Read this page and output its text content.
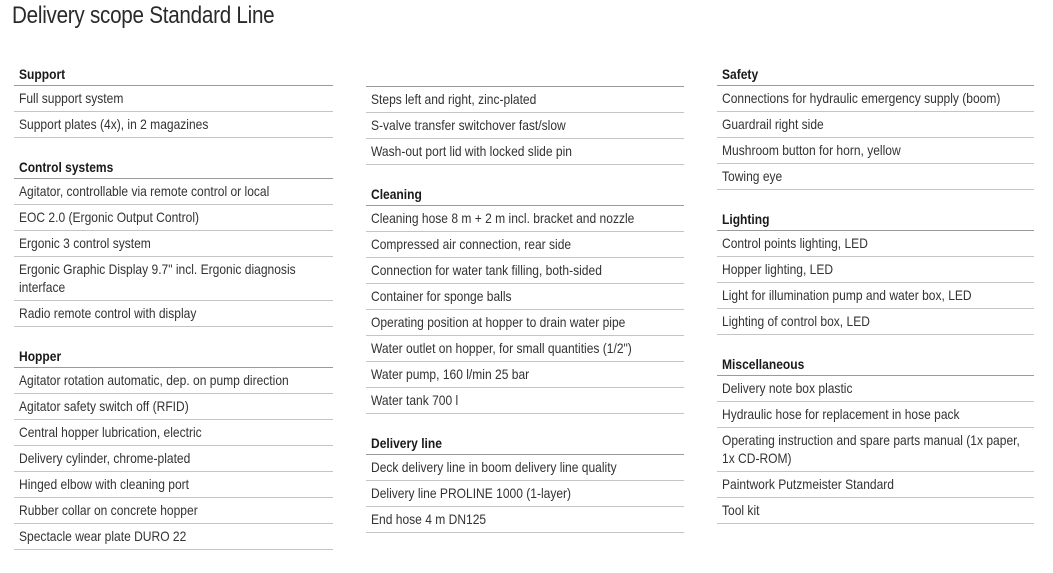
Delivery scope Standard Line
Support
Full support system
Support plates (4x), in 2 magazines
Control systems
Agitator, controllable via remote control or local
EOC 2.0 (Ergonic Output Control)
Ergonic 3 control system
Ergonic Graphic Display 9.7" incl. Ergonic diagnosis interface
Radio remote control with display
Hopper
Agitator rotation automatic, dep. on pump direction
Agitator safety switch off (RFID)
Central hopper lubrication, electric
Delivery cylinder, chrome-plated
Hinged elbow with cleaning port
Rubber collar on concrete hopper
Spectacle wear plate DURO 22
Steps left and right, zinc-plated
S-valve transfer switchover fast/slow
Wash-out port lid with locked slide pin
Cleaning
Cleaning hose 8 m + 2 m incl. bracket and nozzle
Compressed air connection, rear side
Connection for water tank filling, both-sided
Container for sponge balls
Operating position at hopper to drain water pipe
Water outlet on hopper, for small quantities (1/2")
Water pump, 160 l/min 25 bar
Water tank 700 l
Delivery line
Deck delivery line in boom delivery line quality
Delivery line PROLINE 1000 (1-layer)
End hose 4 m DN125
Safety
Connections for hydraulic emergency supply (boom)
Guardrail right side
Mushroom button for horn, yellow
Towing eye
Lighting
Control points lighting, LED
Hopper lighting, LED
Light for illumination pump and water box, LED
Lighting of control box, LED
Miscellaneous
Delivery note box plastic
Hydraulic hose for replacement in hose pack
Operating instruction and spare parts manual (1x paper, 1x CD-ROM)
Paintwork Putzmeister Standard
Tool kit
